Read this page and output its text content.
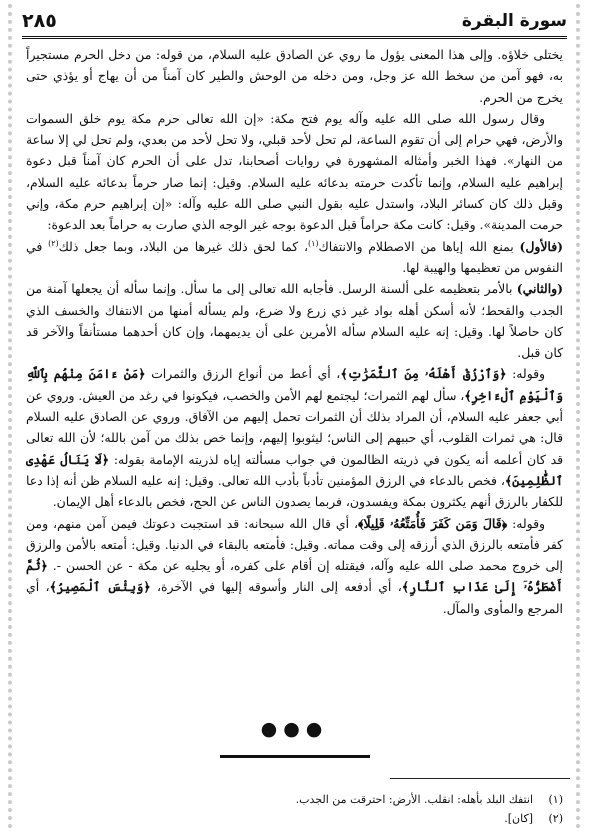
سورة البقرة
٢٨٥

يختلى خلاؤه. وإلى هذا المعنى يؤول ما روي عن الصادق عليه السلام، من قوله: من دخل الحرم مستجيراً به، فهو آمن من سخط الله عز وجل، ومن دخله من الوحش والطير كان آمناً من أن يهاج أو يؤذي حتى يخرج من الحرم.

وقال رسول الله صلى الله عليه وآله يوم فتح مكة: «إن الله تعالى حرم مكة يوم خلق السموات والأرض، فهي حرام إلى أن تقوم الساعة، لم تحل لأحد قبلي، ولا تحل لأحد من بعدي، ولم تحل لي إلا ساعة من النهار». فهذا الخبر وأمثاله المشهورة في روايات أصحابنا، تدل على أن الحرم كان آمناً قبل دعوة إبراهيم عليه السلام، وإنما تأكدت حرمته بدعائه عليه السلام. وقيل: إنما صار حرماً بدعائه عليه السلام، وقبل ذلك كان كسائر البلاد، واستدل عليه بقول النبي صلى الله عليه وآله: «إن إبراهيم حرم مكة، وإني حرمت المدينة». وقيل: كانت مكة حراماً قبل الدعوة بوجه غير الوجه الذي صارت به حراماً بعد الدعوة:

(فالأول) بمنع الله إياها من الاصطلام والانتفاك$^{(١)}$، كما لحق ذلك غيرها من البلاد، وبما جعل ذلك$^{(٢)}$ في النفوس من تعظيمها والهيبة لها.

(والثاني) بالأمر بتعظيمه على ألسنة الرسل. فأجابه الله تعالى إلى ما سأل. وإنما سأله أن يجعلها آمنة من الجدب والقحط؛ لأنه أسكن أهله بواد غير ذي زرع ولا ضرع، ولم يسأله أمنها من الانتفاك والخسف الذي كان حاصلاً لها. وقيل: إنه عليه السلام سأله الأمرين على أن يديمهما، وإن كان أحدهما مستأنفاً والآخر قد كان قبل.

وقوله: ﴿وَٱرْزُقْ أَهْلَهُۥ مِنَ ٱلثَّمَرَٰتِ﴾، أي أعط من أنواع الرزق والثمرات ﴿مَنْ ءَامَنَ مِنْهُم بِٱللَّهِ وَٱلْيَوْمِ ٱلْءَاخِرِ﴾، سأل لهم الثمرات؛ ليجتمع لهم الأمن والخصب، فيكونوا في رغد من العيش. وروي عن أبي جعفر عليه السلام، أن المراد بذلك أن الثمرات تحمل إليهم من الآفاق. وروي عن الصادق عليه السلام قال: هي ثمرات القلوب، أي حببهم إلى الناس؛ ليثوبوا إليهم، وإنما خص بذلك من آمن بالله؛ لأن الله تعالى قد كان أعلمه أنه يكون في ذريته الظالمون في جواب مسألته إياه لذريته الإمامة بقوله: ﴿لَا يَنَالُ عَهْدِى ٱلظَّٰلِمِينَ﴾، فخص بالدعاء في الرزق المؤمنين تأدباً بأدب الله تعالى. وقيل: إنه عليه السلام ظن أنه إذا دعا للكفار بالرزق أنهم يكثرون بمكة ويفسدون، فربما يصدون الناس عن الحج، فخص بالدعاء أهل الإيمان.

وقوله: ﴿قَالَ وَمَن كَفَرَ فَأُمَتِّعُهُۥ قَلِيلًا﴾، أي قال الله سبحانه: قد استجبت دعوتك فيمن آمن منهم، ومن كفر فأمتعه بالرزق الذي أرزقه إلى وقت مماته. وقيل: فأمتعه بالبقاء في الدنيا. وقيل: أمتعه بالأمن والرزق إلى خروج محمد صلى الله عليه وآله، فيقتله إن أقام على كفره، أو يجليه عن مكة - عن الحسن -. ﴿ثُمَّ أَضْطَرُّهُۥٓ إِلَىٰ عَذَابِ ٱلنَّارِ﴾، أي أدفعه إلى النار وأسوقه إليها في الآخرة، ﴿وَبِئْسَ ٱلْمَصِيرُ﴾، أي المرجع والمأوى والمآل.

●●●
(١)
انتفك البلد بأهله: انقلب. الأرض: احترقت من الجدب.
(٢)
[كان].
